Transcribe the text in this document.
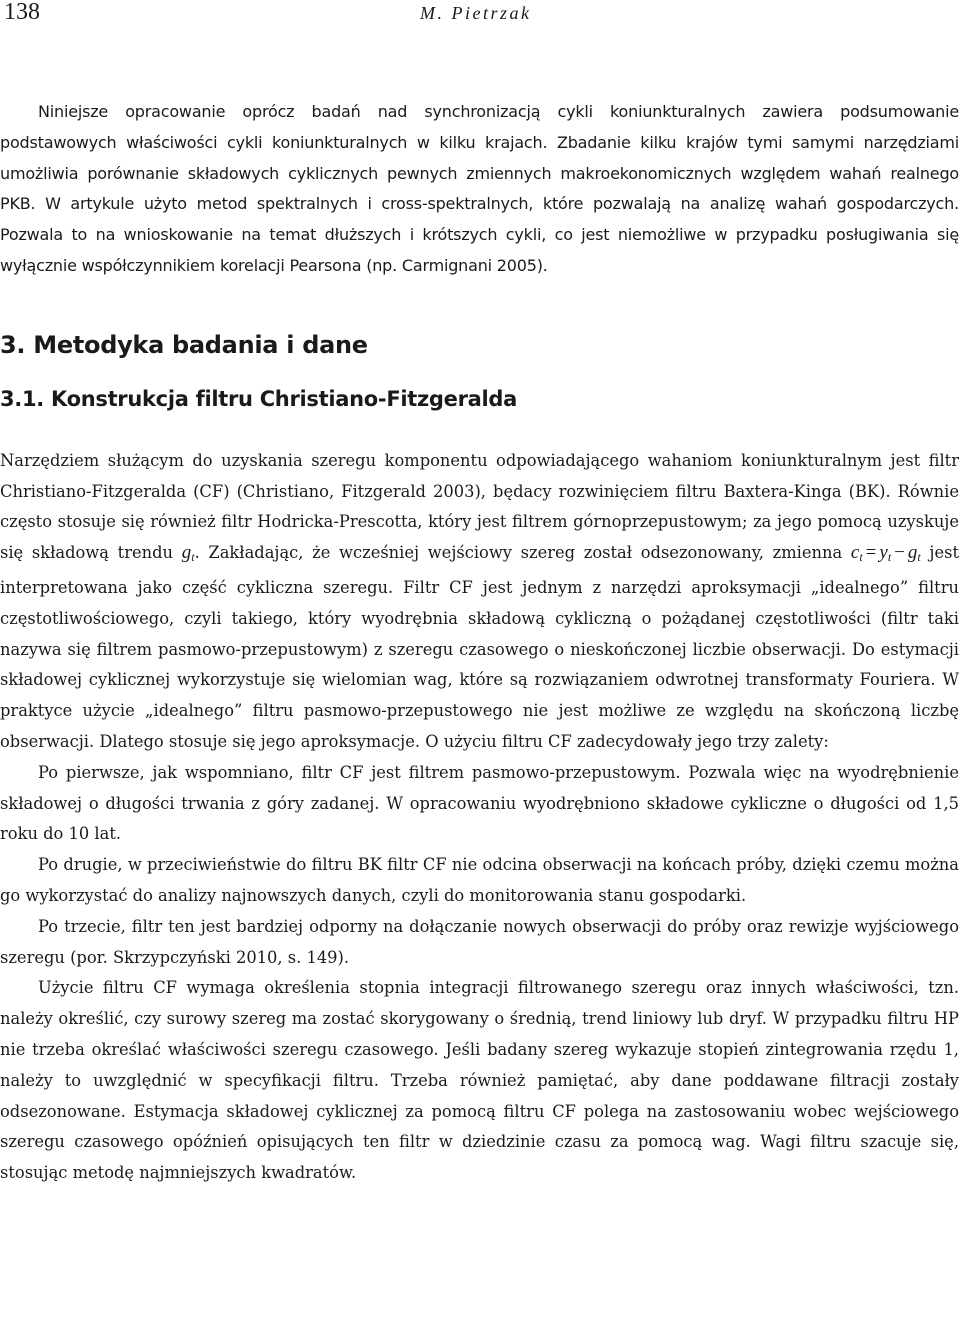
138	M. Pietrzak

Niniejsze opracowanie oprócz badań nad synchronizacją cykli koniunkturalnych zawiera podsumowanie podstawowych właściwości cykli koniunkturalnych w kilku krajach. Zbadanie kilku krajów tymi samymi narzędziami umożliwia porównanie składowych cyklicznych pewnych zmiennych makroekonomicznych względem wahań realnego PKB. W artykule użyto metod spektralnych i cross-spektralnych, które pozwalają na analizę wahań gospodarczych. Pozwala to na wnioskowanie na temat dłuższych i krótszych cykli, co jest niemożliwe w przypadku posługiwania się wyłącznie współczynnikiem korelacji Pearsona (np. Carmignani 2005).

3. Metodyka badania i dane
3.1. Konstrukcja filtru Christiano-Fitzgeralda

Narzędziem służącym do uzyskania szeregu komponentu odpowiadającego wahaniom koniunkturalnym jest filtr Christiano-Fitzgeralda (CF) (Christiano, Fitzgerald 2003), będacy rozwinięciem filtru Baxtera-Kinga (BK). Równie często stosuje się również filtr Hodricka-Prescotta, który jest filtrem górnoprzepustowym; za jego pomocą uzyskuje się składową trendu $g_t$. Zakładając, że wcześniej wejściowy szereg został odsezonowany, zmienna $c_t = y_t - g_t$ jest interpretowana jako część cykliczna szeregu. Filtr CF jest jednym z narzędzi aproksymacji „idealnego” filtru częstotliwościowego, czyli takiego, który wyodrębnia składową cykliczną o pożądanej częstotliwości (filtr taki nazywa się filtrem pasmowo-przepustowym) z szeregu czasowego o nieskończonej liczbie obserwacji. Do estymacji składowej cyklicznej wykorzystuje się wielomian wag, które są rozwiązaniem odwrotnej transformaty Fouriera. W praktyce użycie „idealnego” filtru pasmowo-przepustowego nie jest możliwe ze względu na skończoną liczbę obserwacji. Dlatego stosuje się jego aproksymacje. O użyciu filtru CF zadecydowały jego trzy zalety:

Po pierwsze, jak wspomniano, filtr CF jest filtrem pasmowo-przepustowym. Pozwala więc na wyodrębnienie składowej o długości trwania z góry zadanej. W opracowaniu wyodrębniono składowe cykliczne o długości od 1,5 roku do 10 lat.

Po drugie, w przeciwieństwie do filtru BK filtr CF nie odcina obserwacji na końcach próby, dzięki czemu można go wykorzystać do analizy najnowszych danych, czyli do monitorowania stanu gospodarki.

Po trzecie, filtr ten jest bardziej odporny na dołączanie nowych obserwacji do próby oraz rewizje wyjściowego szeregu (por. Skrzypczyński 2010, s. 149).

Użycie filtru CF wymaga określenia stopnia integracji filtrowanego szeregu oraz innych właściwości, tzn. należy określić, czy surowy szereg ma zostać skorygowany o średnią, trend liniowy lub dryf. W przypadku filtru HP nie trzeba określać właściwości szeregu czasowego. Jeśli badany szereg wykazuje stopień zintegrowania rzędu 1, należy to uwzględnić w specyfikacji filtru. Trzeba również pamiętać, aby dane poddawane filtracji zostały odsezonowane. Estymacja składowej cyklicznej za pomocą filtru CF polega na zastosowaniu wobec wejściowego szeregu czasowego opóźnień opisujących ten filtr w dziedzinie czasu za pomocą wag. Wagi filtru szacuje się, stosując metodę najmniejszych kwadratów.
